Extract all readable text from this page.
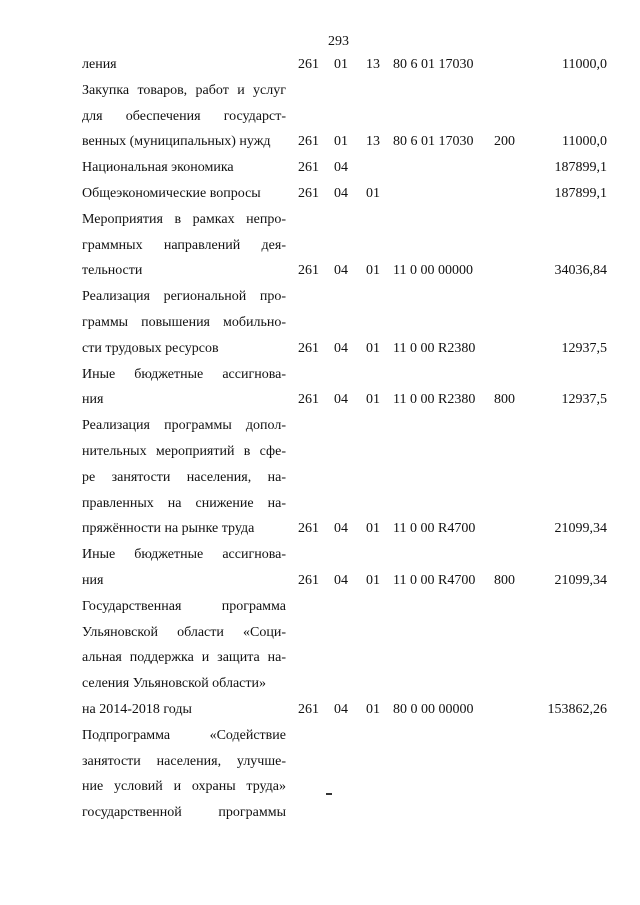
293
ления	261 01 13 80 6 01 17030	11000,0
Закупка товаров, работ и услуг
для обеспечения государст-
венных (муниципальных) нужд	261 01 13 80 6 01 17030 200	11000,0
Национальная экономика	261 04	187899,1
Общеэкономические вопросы	261 04 01	187899,1
Мероприятия в рамках непро-
граммных направлений дея-
тельности	261 04 01 11 0 00 00000	34036,84
Реализация региональной про-
граммы повышения мобильно-
сти трудовых ресурсов	261 04 01 11 0 00 R2380	12937,5
Иные бюджетные ассигнова-
ния	261 04 01 11 0 00 R2380 800	12937,5
Реализация программы допол-
нительных мероприятий в сфе-
ре занятости населения, на-
правленных на снижение на-
пряжённости на рынке труда	261 04 01 11 0 00 R4700	21099,34
Иные бюджетные ассигнова-
ния	261 04 01 11 0 00 R4700 800	21099,34
Государственная программа
Ульяновской области «Соци-
альная поддержка и защита на-
селения Ульяновской области»
на 2014-2018 годы	261 04 01 80 0 00 00000	153862,26
Подпрограмма «Содействие
занятости населения, улучше-
ние условий и охраны труда»
государственной программы
